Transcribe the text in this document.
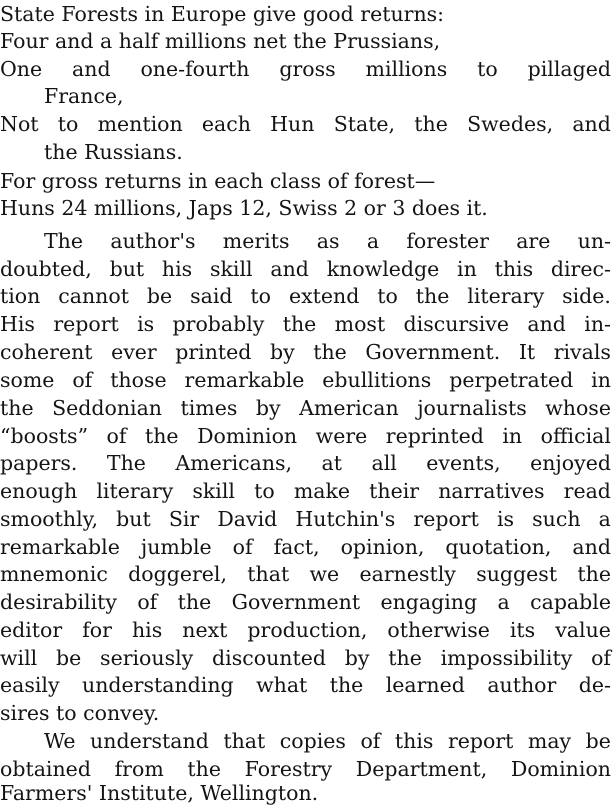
State Forests in Europe give good returns:
Four and a half millions net the Prussians,
One and one-fourth gross millions to pillaged
France,
Not to mention each Hun State, the Swedes, and
the Russians.
For gross returns in each class of forest—
Huns 24 millions, Japs 12, Swiss 2 or 3 does it.
The author's merits as a forester are un-
doubted, but his skill and knowledge in this direc-
tion cannot be said to extend to the literary side.
His report is probably the most discursive and in-
coherent ever printed by the Government. It rivals
some of those remarkable ebullitions perpetrated in
the Seddonian times by American journalists whose
“boosts” of the Dominion were reprinted in official
papers. The Americans, at all events, enjoyed
enough literary skill to make their narratives read
smoothly, but Sir David Hutchin's report is such a
remarkable jumble of fact, opinion, quotation, and
mnemonic doggerel, that we earnestly suggest the
desirability of the Government engaging a capable
editor for his next production, otherwise its value
will be seriously discounted by the impossibility of
easily understanding what the learned author de-
sires to convey.
We understand that copies of this report may be
obtained from the Forestry Department, Dominion
Farmers' Institute, Wellington.
